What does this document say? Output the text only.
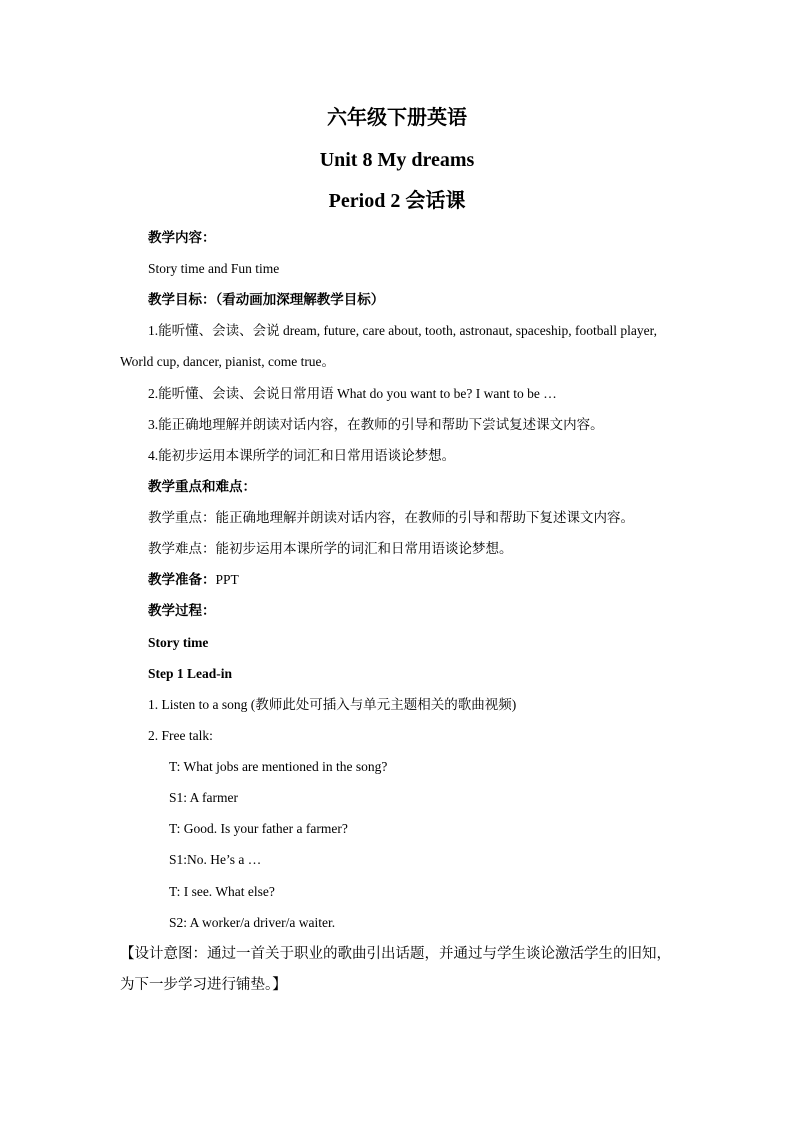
六年级下册英语
Unit 8 My dreams
Period 2 会话课
教学内容：
Story time and Fun time
教学目标：（看动画加深理解教学目标）
1.能听懂、会读、会说 dream, future, care about, tooth, astronaut, spaceship, football player,
World cup, dancer, pianist, come true。
2.能听懂、会读、会说日常用语 What do you want to be? I want to be …
3.能正确地理解并朗读对话内容，在教师的引导和帮助下尝试复述课文内容。
4.能初步运用本课所学的词汇和日常用语谈论梦想。
教学重点和难点：
教学重点：能正确地理解并朗读对话内容，在教师的引导和帮助下复述课文内容。
教学难点：能初步运用本课所学的词汇和日常用语谈论梦想。
教学准备：PPT
教学过程：
Story time
Step 1 Lead-in
1. Listen to a song (教师此处可插入与单元主题相关的歌曲视频)
2. Free talk:
T: What jobs are mentioned in the song?
S1: A farmer
T: Good. Is your father a farmer?
S1:No. He’s a …
T: I see. What else?
S2: A worker/a driver/a waiter.
【设计意图：通过一首关于职业的歌曲引出话题，并通过与学生谈论激活学生的旧知，
为下一步学习进行铺垫。】
